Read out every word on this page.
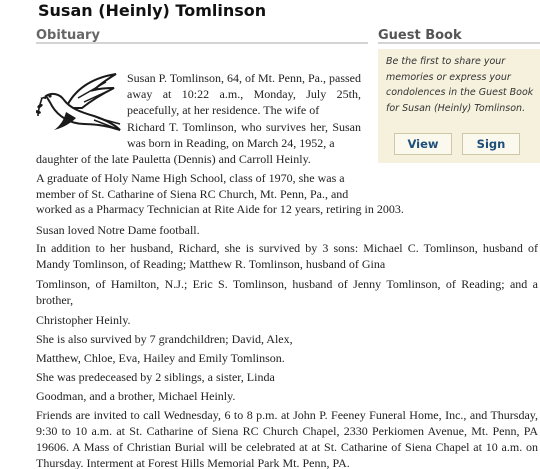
Susan (Heinly) Tomlinson
Obituary	Guest Book
Be the first to share your memories or express your condolences in the Guest Book for Susan (Heinly) Tomlinson.
View	Sign

Susan P. Tomlinson, 64, of Mt. Penn, Pa., passed away at 10:22 a.m., Monday, July 25th, peacefully, at her residence. The wife of

Richard T. Tomlinson, who survives her, Susan was born in Reading, on March 24, 1952, a

daughter of the late Pauletta (Dennis) and Carroll Heinly.

A graduate of Holy Name High School, class of 1970, she was a member of St. Catharine of Siena RC Church, Mt. Penn, Pa., and

worked as a Pharmacy Technician at Rite Aide for 12 years, retiring in 2003.

Susan loved Notre Dame football.

In addition to her husband, Richard, she is survived by 3 sons: Michael C. Tomlinson, husband of Mandy Tomlinson, of Reading; Matthew R. Tomlinson, husband of Gina

Tomlinson, of Hamilton, N.J.; Eric S. Tomlinson, husband of Jenny Tomlinson, of Reading; and a brother,

Christopher Heinly.

She is also survived by 7 grandchildren; David, Alex,

Matthew, Chloe, Eva, Hailey and Emily Tomlinson.

She was predeceased by 2 siblings, a sister, Linda

Goodman, and a brother, Michael Heinly.

Friends are invited to call Wednesday, 6 to 8 p.m. at John P. Feeney Funeral Home, Inc., and Thursday, 9:30 to 10 a.m. at St. Catharine of Siena RC Church Chapel, 2330 Perkiomen Avenue, Mt. Penn, PA 19606. A Mass of Christian Burial will be celebrated at at St. Catharine of Siena Chapel at 10 a.m. on Thursday. Interment at Forest Hills Memorial Park Mt. Penn, PA.
